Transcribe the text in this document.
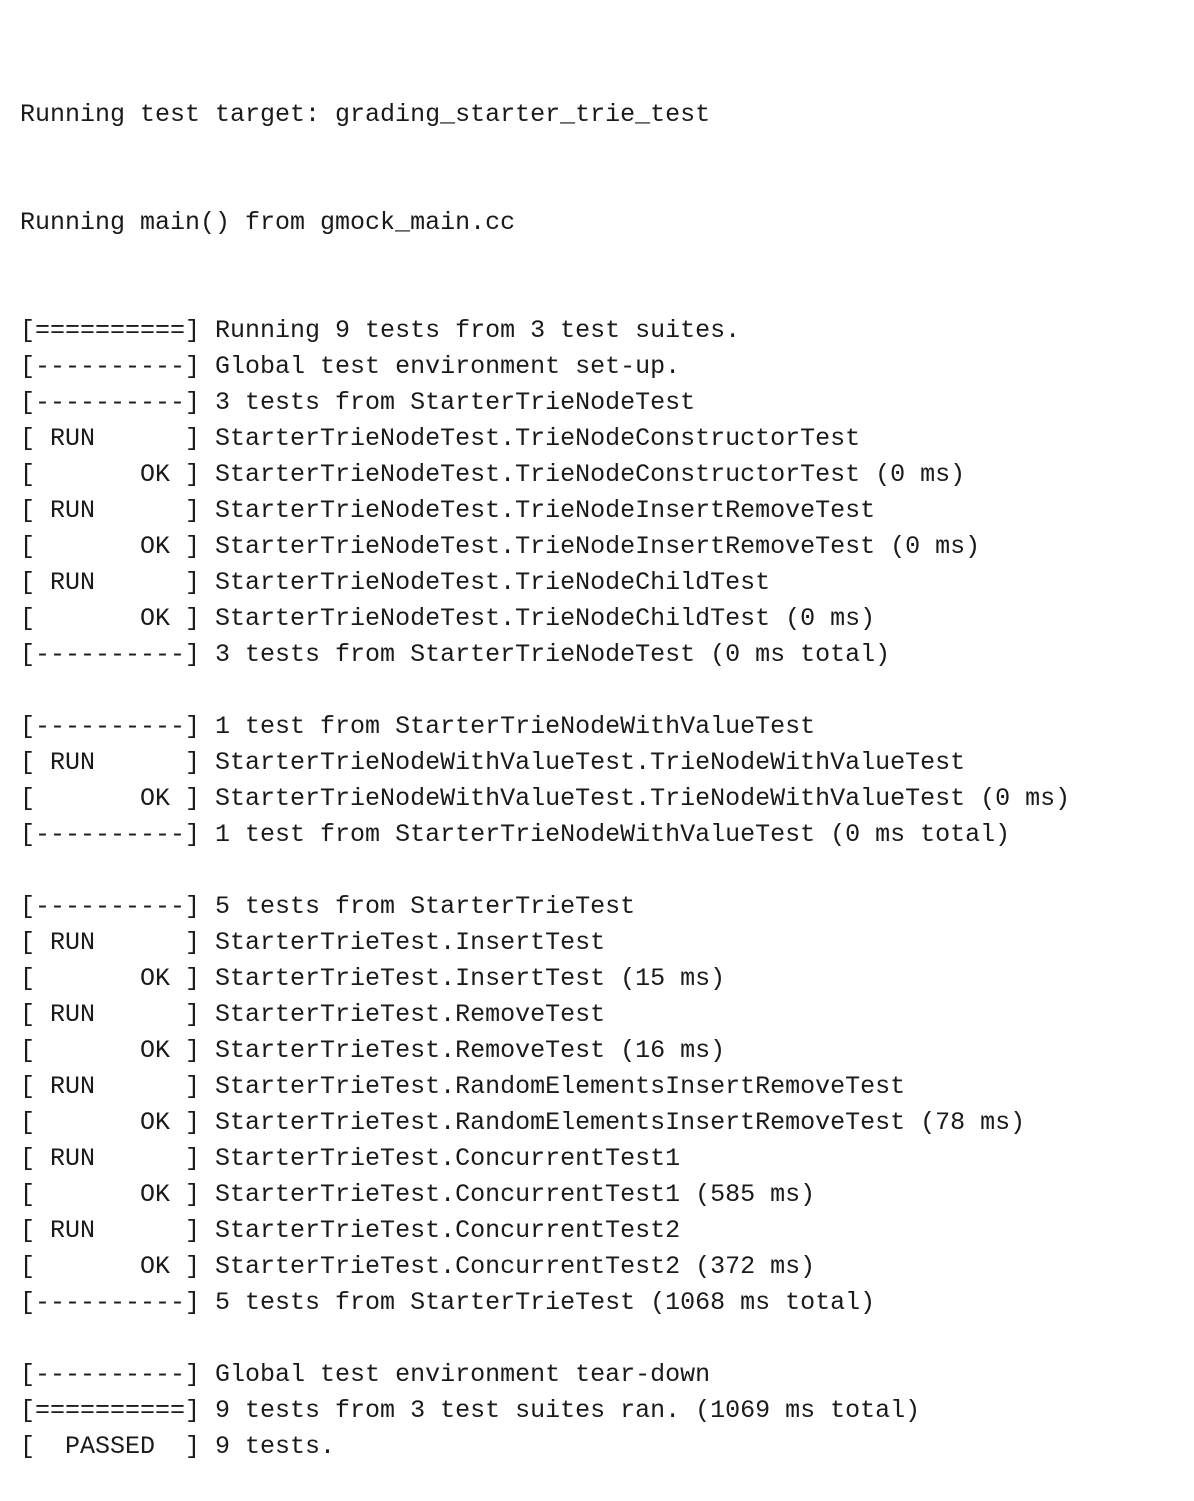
Running test target: grading_starter_trie_test

Running main() from gmock_main.cc

[==========] Running 9 tests from 3 test suites.
[----------] Global test environment set-up.
[----------] 3 tests from StarterTrieNodeTest
[ RUN      ] StarterTrieNodeTest.TrieNodeConstructorTest
[       OK ] StarterTrieNodeTest.TrieNodeConstructorTest (0 ms)
[ RUN      ] StarterTrieNodeTest.TrieNodeInsertRemoveTest
[       OK ] StarterTrieNodeTest.TrieNodeInsertRemoveTest (0 ms)
[ RUN      ] StarterTrieNodeTest.TrieNodeChildTest
[       OK ] StarterTrieNodeTest.TrieNodeChildTest (0 ms)
[----------] 3 tests from StarterTrieNodeTest (0 ms total)
[----------] 1 test from StarterTrieNodeWithValueTest
[ RUN      ] StarterTrieNodeWithValueTest.TrieNodeWithValueTest
[       OK ] StarterTrieNodeWithValueTest.TrieNodeWithValueTest (0 ms)
[----------] 1 test from StarterTrieNodeWithValueTest (0 ms total)
[----------] 5 tests from StarterTrieTest
[ RUN      ] StarterTrieTest.InsertTest
[       OK ] StarterTrieTest.InsertTest (15 ms)
[ RUN      ] StarterTrieTest.RemoveTest
[       OK ] StarterTrieTest.RemoveTest (16 ms)
[ RUN      ] StarterTrieTest.RandomElementsInsertRemoveTest
[       OK ] StarterTrieTest.RandomElementsInsertRemoveTest (78 ms)
[ RUN      ] StarterTrieTest.ConcurrentTest1
[       OK ] StarterTrieTest.ConcurrentTest1 (585 ms)
[ RUN      ] StarterTrieTest.ConcurrentTest2
[       OK ] StarterTrieTest.ConcurrentTest2 (372 ms)
[----------] 5 tests from StarterTrieTest (1068 ms total)
[----------] Global test environment tear-down
[==========] 9 tests from 3 test suites ran. (1069 ms total)
[  PASSED  ] 9 tests.
